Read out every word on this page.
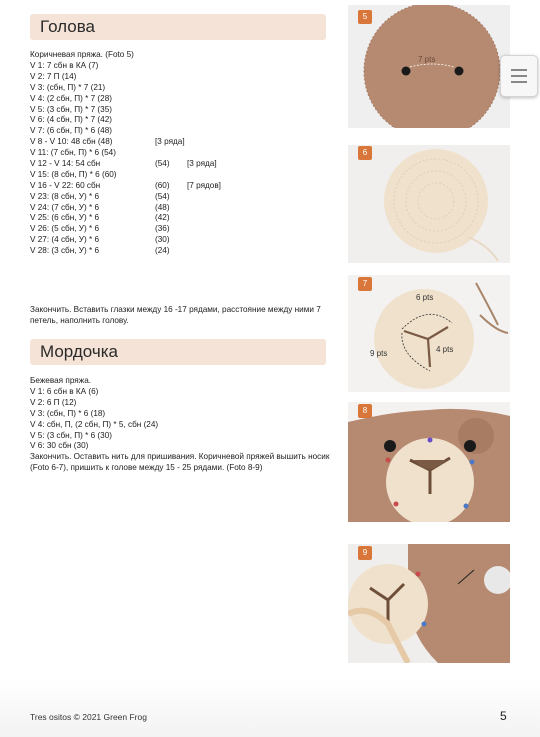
Голова
Коричневая пряжа. (Foto 5)
V 1: 7 сбн в КА (7)
V 2: 7 П (14)
V 3: (сбн, П) * 7 (21)
V 4: (2 сбн, П) * 7 (28)
V 5: (3 сбн, П) * 7 (35)
V 6: (4 сбн, П) * 7 (42)
V 7: (6 сбн, П) * 6 (48)
V 8 - V 10: 48 сбн (48)	[3 ряда]
V 11: (7 сбн, П) * 6 (54)
V 12 - V 14: 54 сбн	(54) [3 ряда]
V 15: (8 сбн, П) * 6 (60)
V 16 - V 22: 60 сбн	(60) [7 рядов]
V 23: (8 сбн, У) * 6	(54)
V 24: (7 сбн, У) * 6	(48)
V 25: (6 сбн, У) * 6	(42)
V 26: (5 сбн, У) * 6	(36)
V 27: (4 сбн, У) * 6	(30)
V 28: (3 сбн, У) * 6	(24)
Закончить. Вставить глазки между 16 -17 рядами, расстояние между ними 7 петель, наполнить голову.
Мордочка
Бежевая пряжа.
V 1: 6 сбн в КА (6)
V 2: 6 П (12)
V 3: (сбн, П) * 6 (18)
V 4: сбн, П, (2 сбн, П) * 5, сбн (24)
V 5: (3 сбн, П) * 6 (30)
V 6: 30 сбн (30)
Закончить. Оставить нить для пришивания. Коричневой пряжей вышить носик (Foto 6-7), пришить к голове между 15 - 25 рядами. (Foto 8-9)
7 pts
5
6
6 pts
9 pts	4 pts
7
8
9
Tres ositos © 2021 Green Frog	5
